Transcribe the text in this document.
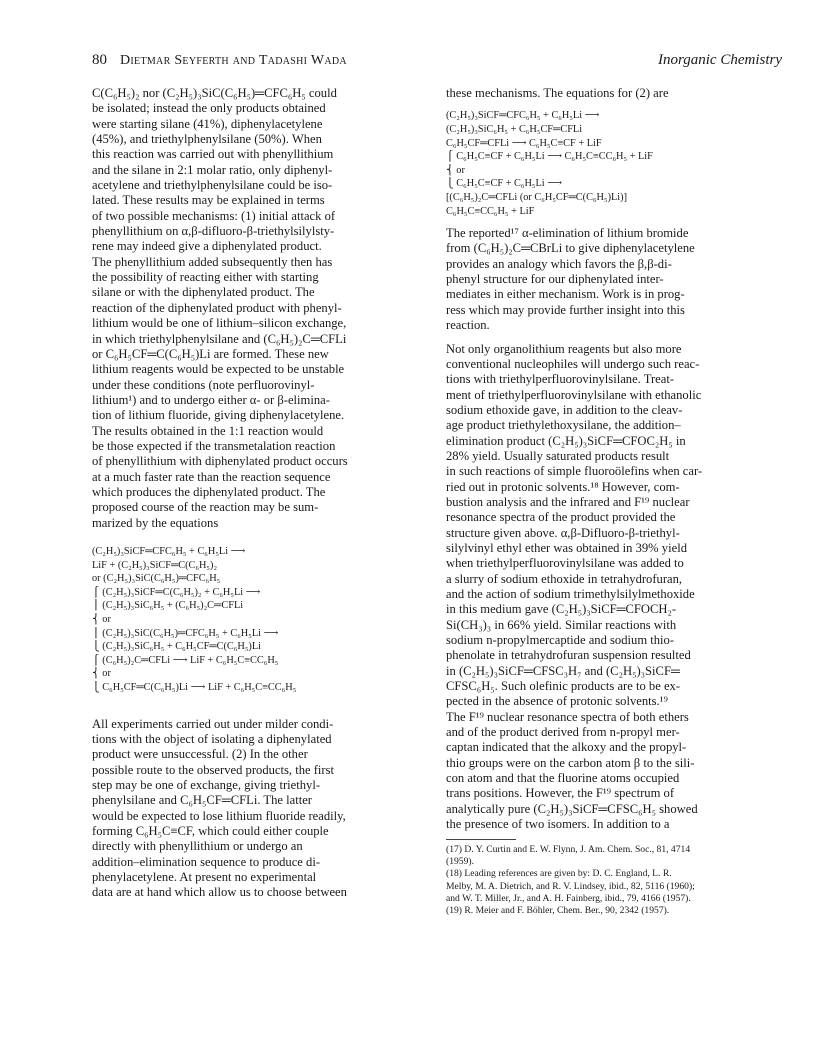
80 Dietmar Seyferth and Tadashi Wada	Inorganic Chemistry
C(C₆H₅)₂ nor (C₂H₅)₃SiC(C₆H₅)═CFC₆H₅ could
be isolated; instead the only products obtained
were starting silane (41%), diphenylacetylene
(45%), and triethylphenylsilane (50%). When
this reaction was carried out with phenyllithium
and the silane in 2:1 molar ratio, only diphenyl-
acetylene and triethylphenylsilane could be iso-
lated. These results may be explained in terms
of two possible mechanisms: (1) initial attack of
phenyllithium on α,β-difluoro-β-triethylsilylsty-
rene may indeed give a diphenylated product.
The phenyllithium added subsequently then has
the possibility of reacting either with starting
silane or with the diphenylated product. The
reaction of the diphenylated product with phenyl-
lithium would be one of lithium–silicon exchange,
in which triethylphenylsilane and (C₆H₅)₂C═CFLi
or C₆H₅CF═C(C₆H₅)Li are formed. These new
lithium reagents would be expected to be unstable
under these conditions (note perfluorovinyl-
lithium¹) and to undergo either α- or β-elimina-
tion of lithium fluoride, giving diphenylacetylene.
The results obtained in the 1:1 reaction would
be those expected if the transmetalation reaction
of phenyllithium with diphenylated product occurs
at a much faster rate than the reaction sequence
which produces the diphenylated product. The
proposed course of the reaction may be sum-
marized by the equations
(C₂H₅)₃SiCF═CFC₆H₅ + C₆H₅Li ⟶
LiF + (C₂H₅)₃SiCF═C(C₆H₅)₂
or (C₂H₅)₃SiC(C₆H₅)═CFC₆H₅
⎧ (C₂H₅)₃SiCF═C(C₆H₅)₂ + C₆H₅Li ⟶
⎪ (C₂H₅)₃SiC₆H₅ + (C₆H₅)₂C═CFLi
⎨ or
⎪ (C₂H₅)₃SiC(C₆H₅)═CFC₆H₅ + C₆H₅Li ⟶
⎩ (C₂H₅)₃SiC₆H₅ + C₆H₅CF═C(C₆H₅)Li
⎧ (C₆H₅)₂C═CFLi ⟶ LiF + C₆H₅C≡CC₆H₅
⎨ or
⎩ C₆H₅CF═C(C₆H₅)Li ⟶ LiF + C₆H₅C≡CC₆H₅
All experiments carried out under milder condi-
tions with the object of isolating a diphenylated
product were unsuccessful. (2) In the other
possible route to the observed products, the first
step may be one of exchange, giving triethyl-
phenylsilane and C₆H₅CF═CFLi. The latter
would be expected to lose lithium fluoride readily,
forming C₆H₅C≡CF, which could either couple
directly with phenyllithium or undergo an
addition–elimination sequence to produce di-
phenylacetylene. At present no experimental
data are at hand which allow us to choose between
these mechanisms. The equations for (2) are
(C₂H₅)₃SiCF═CFC₆H₅ + C₆H₅Li ⟶
(C₂H₅)₃SiC₆H₅ + C₆H₅CF═CFLi
C₆H₅CF═CFLi ⟶ C₆H₅C≡CF + LiF
⎧ C₆H₅C≡CF + C₆H₅Li ⟶ C₆H₅C≡CC₆H₅ + LiF
⎨ or
⎩ C₆H₅C≡CF + C₆H₅Li ⟶
[(C₆H₅)₂C═CFLi (or C₆H₅CF═C(C₆H₅)Li)]
C₆H₅C≡CC₆H₅ + LiF
The reported¹⁷ α-elimination of lithium bromide
from (C₆H₅)₂C═CBrLi to give diphenylacetylene
provides an analogy which favors the β,β-di-
phenyl structure for our diphenylated inter-
mediates in either mechanism. Work is in prog-
ress which may provide further insight into this
reaction.
Not only organolithium reagents but also more
conventional nucleophiles will undergo such reac-
tions with triethylperfluorovinylsilane. Treat-
ment of triethylperfluorovinylsilane with ethanolic
sodium ethoxide gave, in addition to the cleav-
age product triethylethoxysilane, the addition–
elimination product (C₂H₅)₃SiCF═CFOC₂H₅ in
28% yield. Usually saturated products result
in such reactions of simple fluoroölefins when car-
ried out in protonic solvents.¹⁸ However, com-
bustion analysis and the infrared and F¹⁹ nuclear
resonance spectra of the product provided the
structure given above. α,β-Difluoro-β-triethyl-
silylvinyl ethyl ether was obtained in 39% yield
when triethylperfluorovinylsilane was added to
a slurry of sodium ethoxide in tetrahydrofuran,
and the action of sodium trimethylsilylmethoxide
in this medium gave (C₂H₅)₃SiCF═CFOCH₂-
Si(CH₃)₃ in 66% yield. Similar reactions with
sodium n-propylmercaptide and sodium thio-
phenolate in tetrahydrofuran suspension resulted
in (C₂H₅)₃SiCF═CFSC₃H₇ and (C₂H₅)₃SiCF═
CFSC₆H₅. Such olefinic products are to be ex-
pected in the absence of protonic solvents.¹⁹
The F¹⁹ nuclear resonance spectra of both ethers
and of the product derived from n-propyl mer-
captan indicated that the alkoxy and the propyl-
thio groups were on the carbon atom β to the sili-
con atom and that the fluorine atoms occupied
trans positions. However, the F¹⁹ spectrum of
analytically pure (C₂H₅)₃SiCF═CFSC₆H₅ showed
the presence of two isomers. In addition to a
(17) D. Y. Curtin and E. W. Flynn, J. Am. Chem. Soc., 81, 4714
(1959).
(18) Leading references are given by: D. C. England, L. R.
Melby, M. A. Dietrich, and R. V. Lindsey, ibid., 82, 5116 (1960);
and W. T. Miller, Jr., and A. H. Fainberg, ibid., 79, 4166 (1957).
(19) R. Meier and F. Böhler, Chem. Ber., 90, 2342 (1957).
